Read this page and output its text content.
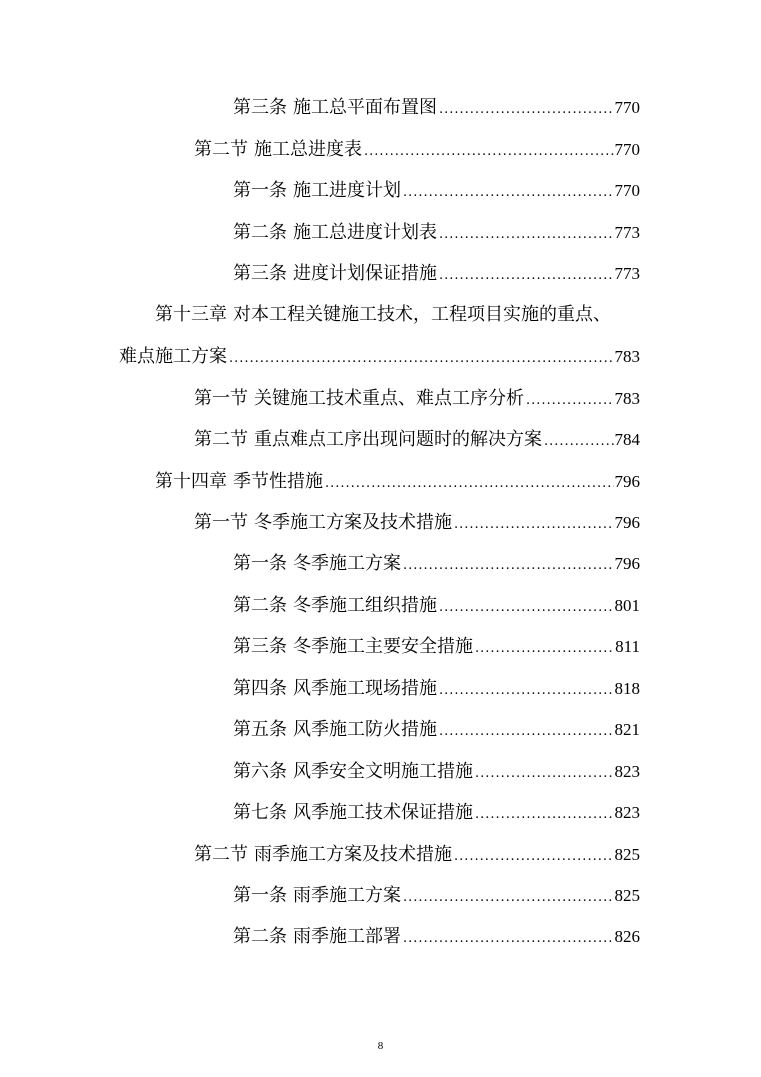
第三条 施工总平面布置图 .....	770
第二节 施工总进度表 .....	770
第一条 施工进度计划 .....	770
第二条 施工总进度计划表 .....	773
第三条 进度计划保证措施 .....	773
第十三章 对本工程关键施工技术，工程项目实施的重点、
难点施工方案 .....	783
第一节 关键施工技术重点、难点工序分析 .....	783
第二节 重点难点工序出现问题时的解决方案 .....	784
第十四章 季节性措施 .....	796
第一节 冬季施工方案及技术措施 .....	796
第一条 冬季施工方案 .....	796
第二条 冬季施工组织措施 .....	801
第三条 冬季施工主要安全措施 .....	811
第四条 风季施工现场措施 .....	818
第五条 风季施工防火措施 .....	821
第六条 风季安全文明施工措施 .....	823
第七条 风季施工技术保证措施 .....	823
第二节 雨季施工方案及技术措施 .....	825
第一条 雨季施工方案 .....	825
第二条 雨季施工部署 .....	826
8
